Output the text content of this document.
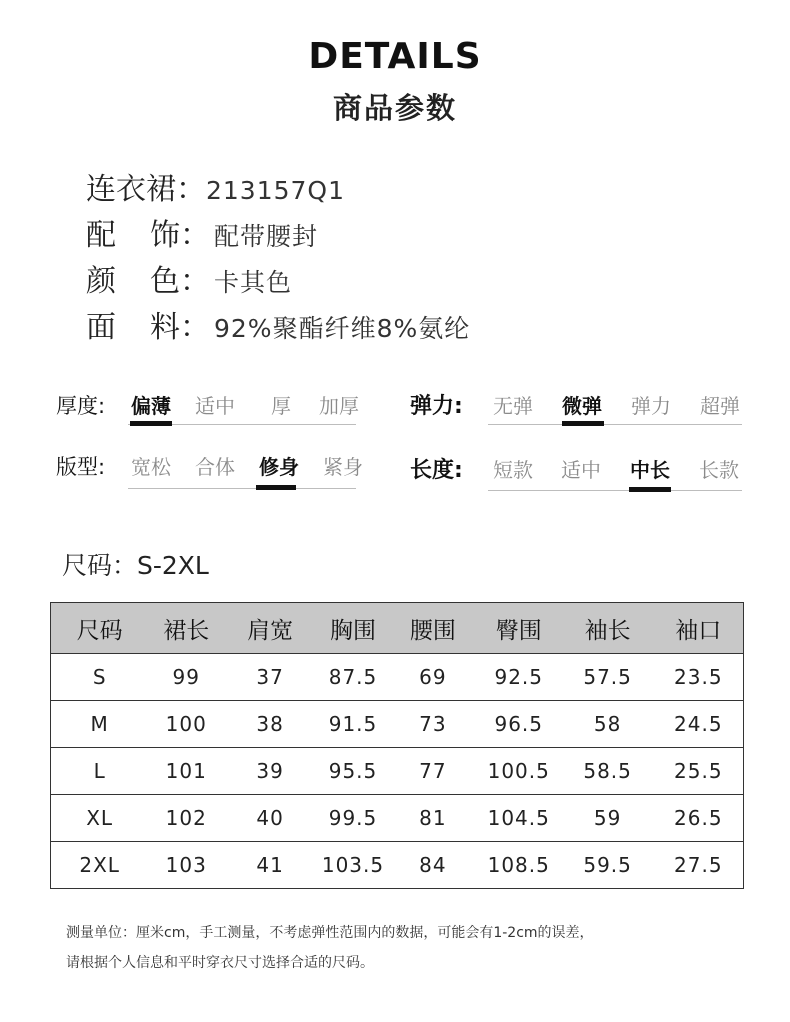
DETAILS
商品参数
连衣裙： 213157Q1
配 饰： 配带腰封
颜 色： 卡其色
面 料： 92%聚酯纤维8%氨纶
厚度: 偏薄 适中	厚	加厚 弹力: 无弹 微弹 弹力 超弹
版型: 宽松 合体 修身 紧身 长度: 短款 适中 中长 长款
尺码：S-2XL
尺码	裙长	肩宽	胸围	腰围	臀围	袖长	袖口
S	99	37	87.5	69	92.5	57.5	23.5
M	100	38	91.5	73	96.5	58	24.5
L	101	39	95.5	77	100.5	58.5	25.5
XL	102	40	99.5	81	104.5	59	26.5
2XL	103	41	103.5	84	108.5	59.5	27.5
测量单位：厘米cm，手工测量，不考虑弹性范围内的数据，可能会有1-2cm的误差，
请根据个人信息和平时穿衣尺寸选择合适的尺码。
